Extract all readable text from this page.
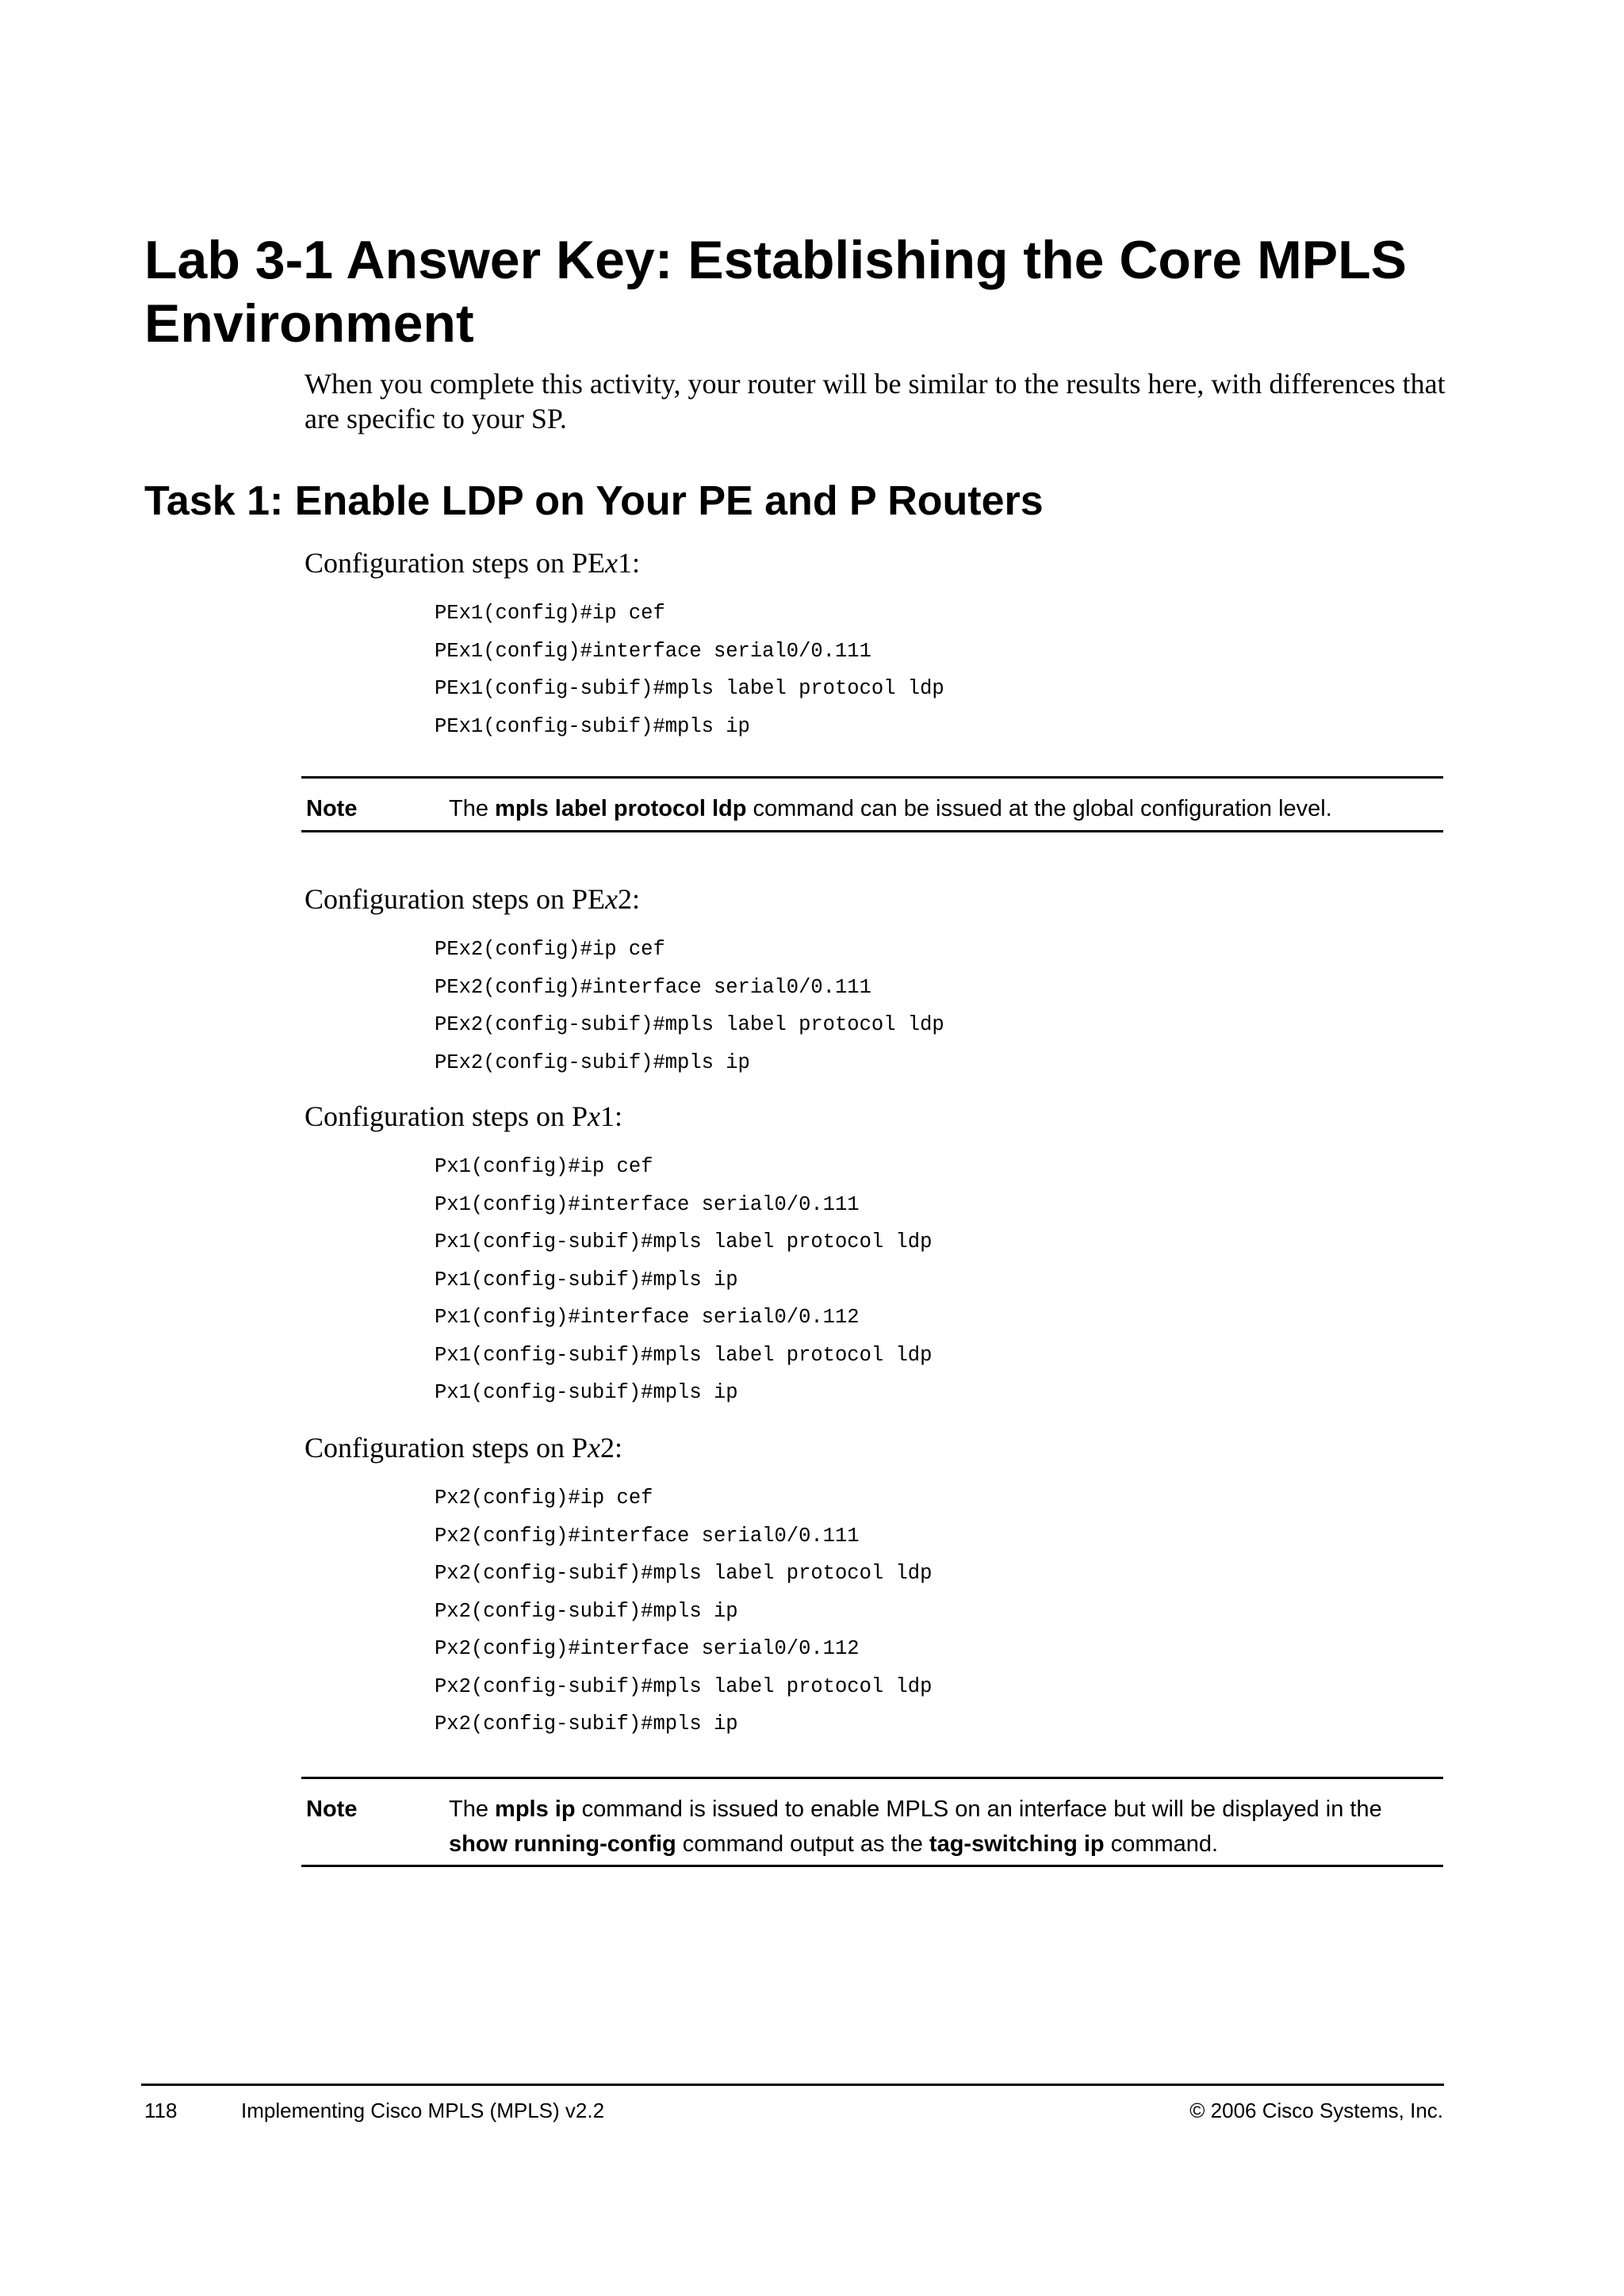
Lab 3-1 Answer Key: Establishing the Core MPLS Environment

When you complete this activity, your router will be similar to the results here, with differences that are specific to your SP.

Task 1: Enable LDP on Your PE and P Routers

Configuration steps on PEx1:

PEx1(config)#ip cef
PEx1(config)#interface serial0/0.111
PEx1(config-subif)#mpls label protocol ldp
PEx1(config-subif)#mpls ip
Note	The mpls label protocol ldp command can be issued at the global configuration level.

Configuration steps on PEx2:

PEx2(config)#ip cef
PEx2(config)#interface serial0/0.111
PEx2(config-subif)#mpls label protocol ldp
PEx2(config-subif)#mpls ip

Configuration steps on Px1:

Px1(config)#ip cef
Px1(config)#interface serial0/0.111
Px1(config-subif)#mpls label protocol ldp
Px1(config-subif)#mpls ip
Px1(config)#interface serial0/0.112
Px1(config-subif)#mpls label protocol ldp
Px1(config-subif)#mpls ip

Configuration steps on Px2:

Px2(config)#ip cef
Px2(config)#interface serial0/0.111
Px2(config-subif)#mpls label protocol ldp
Px2(config-subif)#mpls ip
Px2(config)#interface serial0/0.112
Px2(config-subif)#mpls label protocol ldp
Px2(config-subif)#mpls ip
Note	The mpls ip command is issued to enable MPLS on an interface but will be displayed in the show running-config command output as the tag-switching ip command.
118	Implementing Cisco MPLS (MPLS) v2.2	© 2006 Cisco Systems, Inc.
